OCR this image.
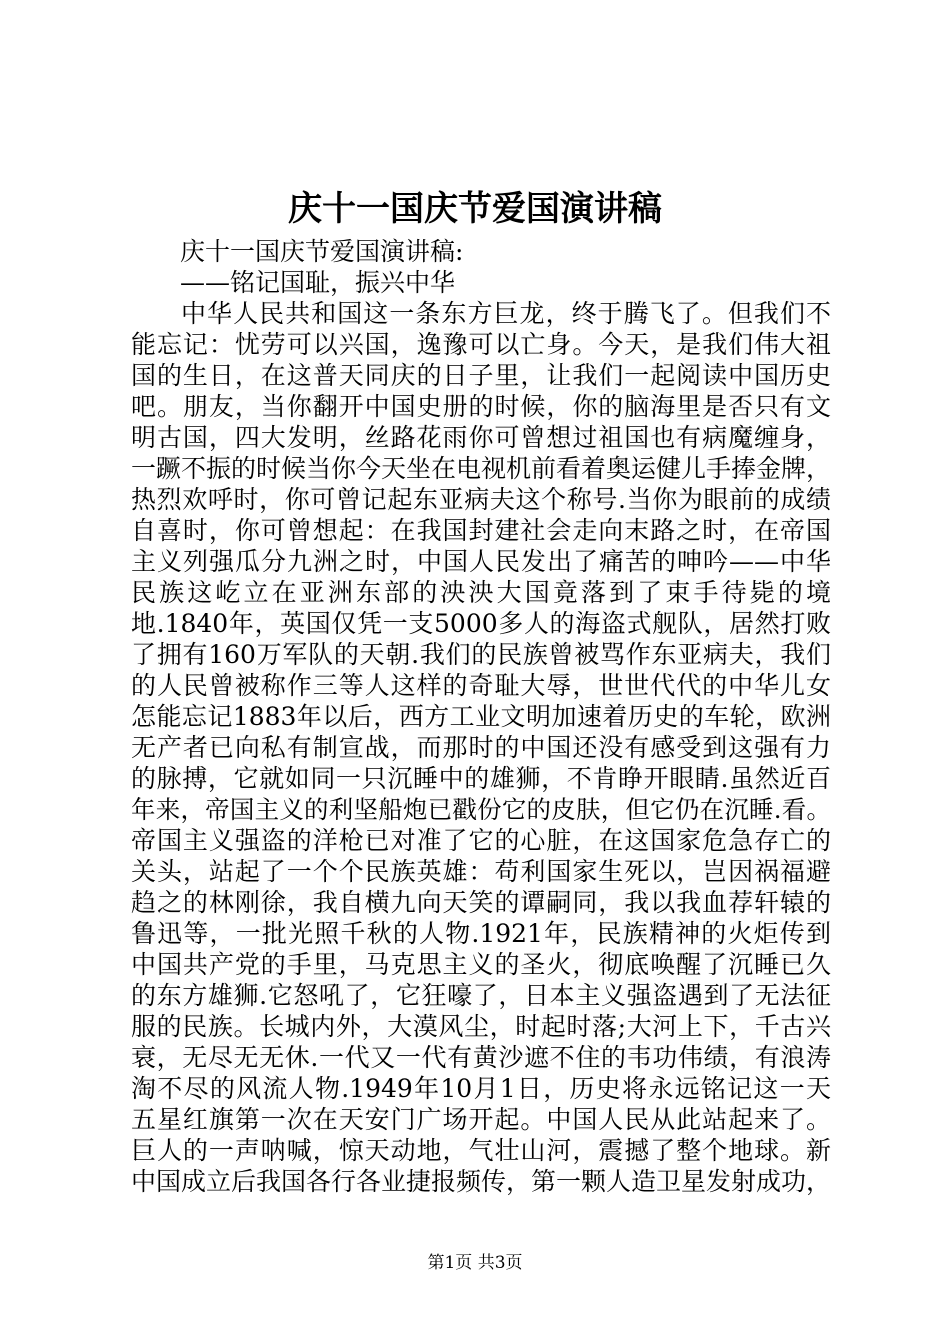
庆十一国庆节爱国演讲稿
庆十一国庆节爱国演讲稿:
——铭记国耻，振兴中华
中华人民共和国这一条东方巨龙，终于腾飞了。但我们不
能忘记：忧劳可以兴国，逸豫可以亡身。今天，是我们伟大祖
国的生日，在这普天同庆的日子里，让我们一起阅读中国历史
吧。朋友，当你翻开中国史册的时候，你的脑海里是否只有文
明古国，四大发明，丝路花雨你可曾想过祖国也有病魔缠身，
一蹶不振的时候当你今天坐在电视机前看着奥运健儿手捧金牌，
热烈欢呼时，你可曾记起东亚病夫这个称号.当你为眼前的成绩
自喜时，你可曾想起：在我国封建社会走向末路之时，在帝国
主义列强瓜分九洲之时，中国人民发出了痛苦的呻吟——中华
民族这屹立在亚洲东部的泱泱大国竟落到了束手待毙的境
地.1840年，英国仅凭一支5000多人的海盗式舰队，居然打败
了拥有160万军队的天朝.我们的民族曾被骂作东亚病夫，我们
的人民曾被称作三等人这样的奇耻大辱，世世代代的中华儿女
怎能忘记1883年以后，西方工业文明加速着历史的车轮，欧洲
无产者已向私有制宣战，而那时的中国还没有感受到这强有力
的脉搏，它就如同一只沉睡中的雄狮，不肯睁开眼睛.虽然近百
年来，帝国主义的利坚船炮已戳份它的皮肤，但它仍在沉睡.看。
帝国主义强盗的洋枪已对准了它的心脏，在这国家危急存亡的
关头，站起了一个个民族英雄：苟利国家生死以，岂因祸福避
趋之的林刚徐，我自横九向天笑的谭嗣同，我以我血荐轩辕的
鲁迅等，一批光照千秋的人物.1921年，民族精神的火炬传到
中国共产党的手里，马克思主义的圣火，彻底唤醒了沉睡已久
的东方雄狮.它怒吼了，它狂嚎了，日本主义强盗遇到了无法征
服的民族。长城内外，大漠风尘，时起时落;大河上下，千古兴
衰，无尽无无休.一代又一代有黄沙遮不住的韦功伟绩，有浪涛
淘不尽的风流人物.1949年10月1日，历史将永远铭记这一天
五星红旗第一次在天安门广场开起。中国人民从此站起来了。
巨人的一声呐喊，惊天动地，气壮山河，震撼了整个地球。新
中国成立后我国各行各业捷报频传，第一颗人造卫星发射成功，
第1页 共3页
